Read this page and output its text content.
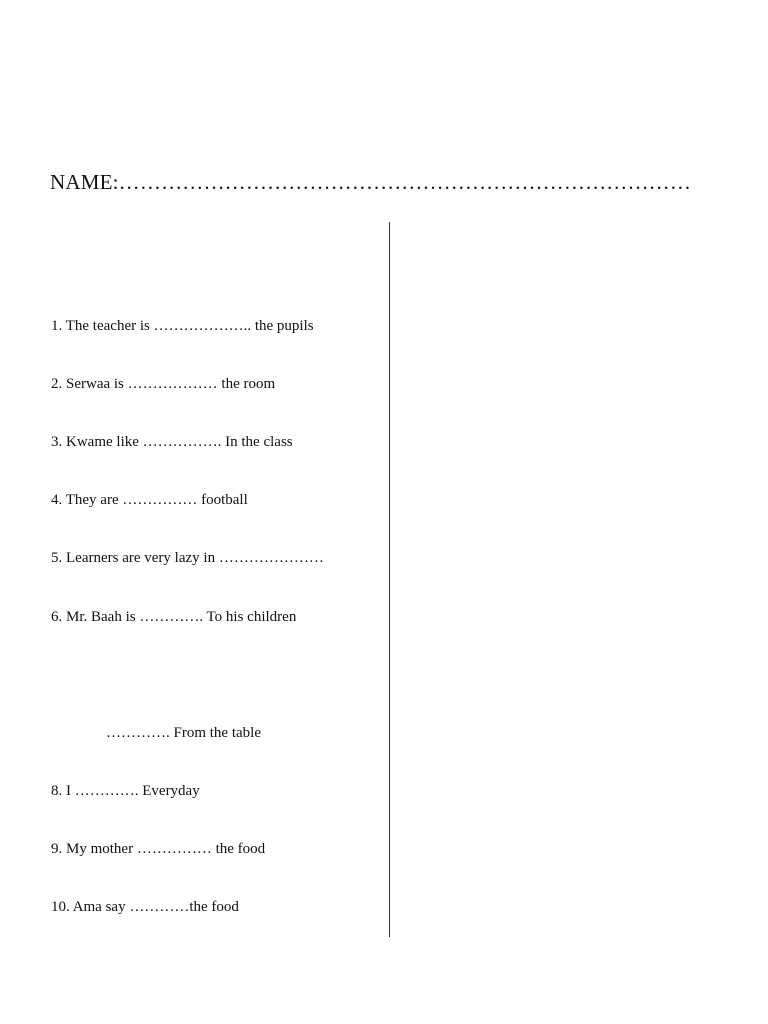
NAME:………………………………………………………………………
1. The teacher is ……………….. the pupils
2. Serwaa is ……………… the room
3. Kwame like ……………. In the class
4. They are …………… football
5. Learners are very lazy in …………………
6. Mr. Baah is …………. To his children
…………. From the table
8. I …………. Everyday
9. My mother …………… the food
10. Ama say …………the food
